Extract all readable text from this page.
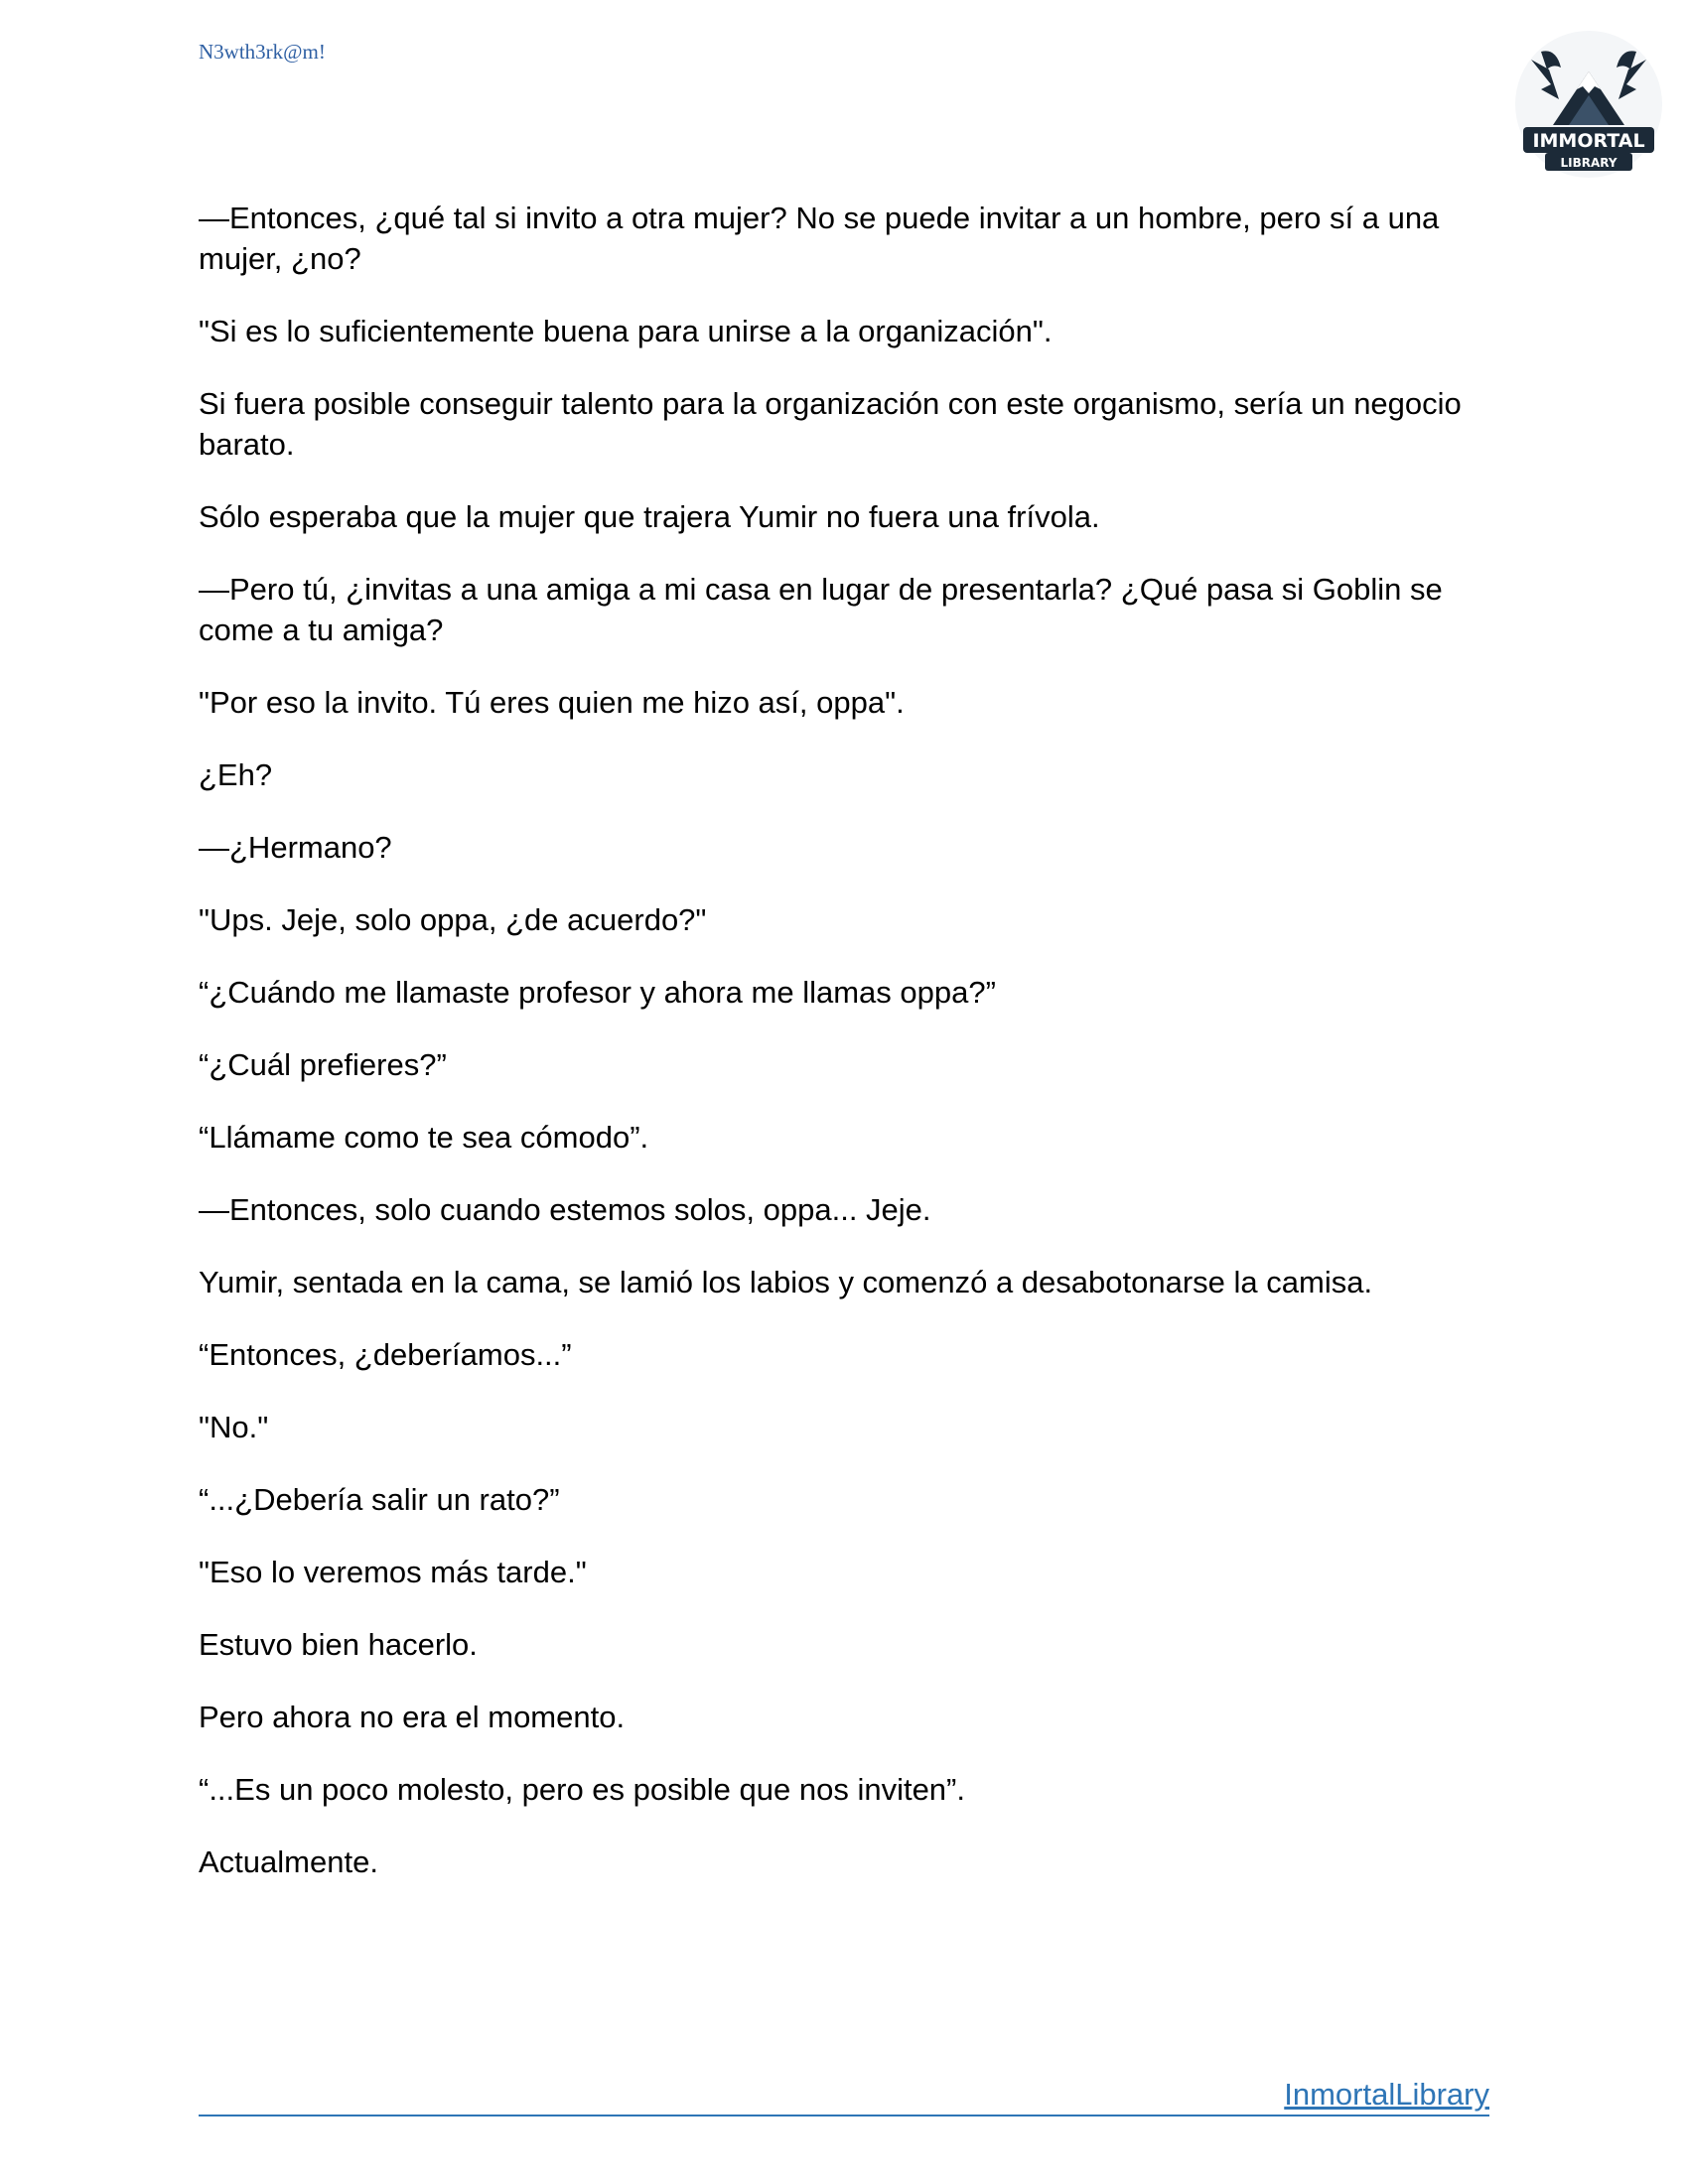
N3wth3rk@m!
IMMORTAL
LIBRARY

—Entonces, ¿qué tal si invito a otra mujer? No se puede invitar a un hombre, pero sí a una mujer, ¿no?

"Si es lo suficientemente buena para unirse a la organización".

Si fuera posible conseguir talento para la organización con este organismo, sería un negocio barato.

Sólo esperaba que la mujer que trajera Yumir no fuera una frívola.

—Pero tú, ¿invitas a una amiga a mi casa en lugar de presentarla? ¿Qué pasa si Goblin se come a tu amiga?

"Por eso la invito. Tú eres quien me hizo así, oppa".

¿Eh?

—¿Hermano?

"Ups. Jeje, solo oppa, ¿de acuerdo?"

“¿Cuándo me llamaste profesor y ahora me llamas oppa?”

“¿Cuál prefieres?”

“Llámame como te sea cómodo”.

—Entonces, solo cuando estemos solos, oppa... Jeje.

Yumir, sentada en la cama, se lamió los labios y comenzó a desabotonarse la camisa.

“Entonces, ¿deberíamos...”

"No."

“...¿Debería salir un rato?”

"Eso lo veremos más tarde."

Estuvo bien hacerlo.

Pero ahora no era el momento.

“...Es un poco molesto, pero es posible que nos inviten”.

Actualmente.

InmortalLibrary
